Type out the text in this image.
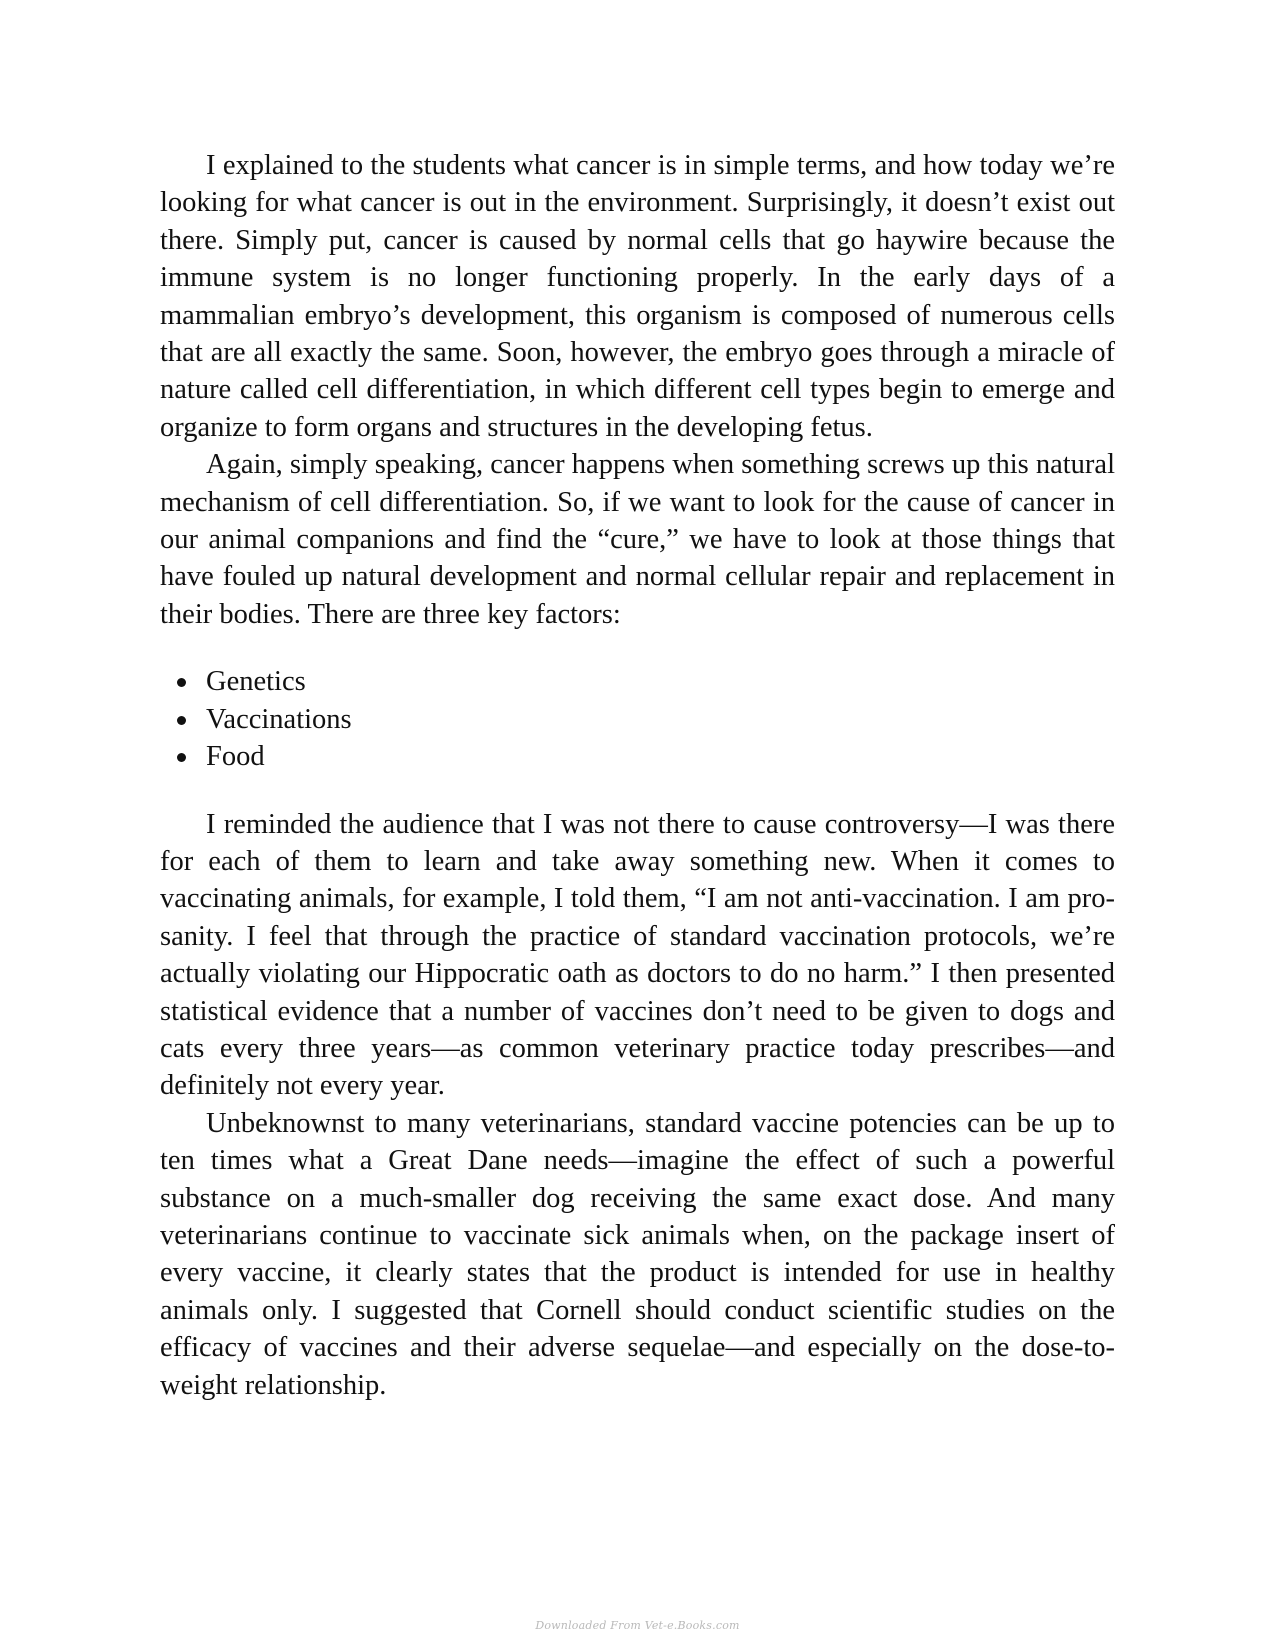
I explained to the students what cancer is in simple terms, and how today we’re looking for what cancer is out in the environment. Surprisingly, it doesn’t exist out there. Simply put, cancer is caused by normal cells that go haywire because the immune system is no longer functioning properly. In the early days of a mammalian embryo’s development, this organism is composed of numerous cells that are all exactly the same. Soon, however, the embryo goes through a miracle of nature called cell differentiation, in which different cell types begin to emerge and organize to form organs and structures in the developing fetus.

Again, simply speaking, cancer happens when something screws up this natural mechanism of cell differentiation. So, if we want to look for the cause of cancer in our animal companions and find the “cure,” we have to look at those things that have fouled up natural development and normal cellular repair and replacement in their bodies. There are three key factors:

Genetics
Vaccinations
Food

I reminded the audience that I was not there to cause controversy—I was there for each of them to learn and take away something new. When it comes to vaccinating animals, for example, I told them, “I am not anti-vaccination. I am pro-sanity. I feel that through the practice of standard vaccination protocols, we’re actually violating our Hippocratic oath as doctors to do no harm.” I then presented statistical evidence that a number of vaccines don’t need to be given to dogs and cats every three years—as common veterinary practice today prescribes—and definitely not every year.

Unbeknownst to many veterinarians, standard vaccine potencies can be up to ten times what a Great Dane needs—imagine the effect of such a powerful substance on a much-smaller dog receiving the same exact dose. And many veterinarians continue to vaccinate sick animals when, on the package insert of every vaccine, it clearly states that the product is intended for use in healthy animals only. I suggested that Cornell should conduct scientific studies on the efficacy of vaccines and their adverse sequelae—and especially on the dose-to-weight relationship.

Downloaded From Vet-e.Books.com
